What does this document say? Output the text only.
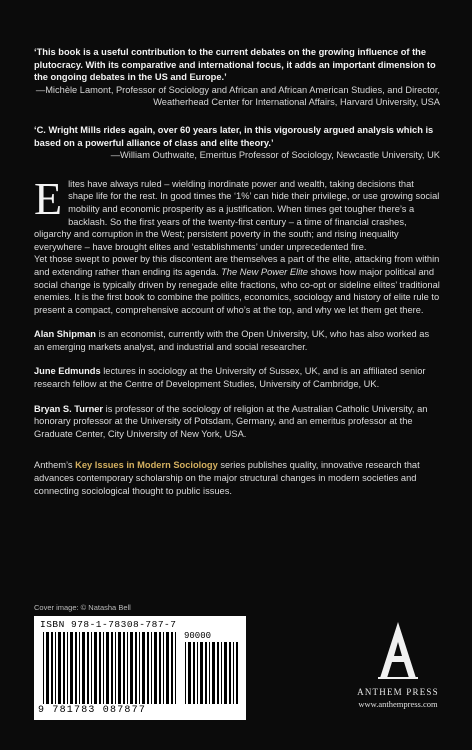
‘This book is a useful contribution to the current debates on the growing influence of the plutocracy. With its comparative and international focus, it adds an important dimension to the ongoing debates in the US and Europe.’
—Michèle Lamont, Professor of Sociology and African and African American Studies, and Director, Weatherhead Center for International Affairs, Harvard University, USA
‘C. Wright Mills rides again, over 60 years later, in this vigorously argued analysis which is based on a powerful alliance of class and elite theory.’
—William Outhwaite, Emeritus Professor of Sociology, Newcastle University, UK
E lites have always ruled – wielding inordinate power and wealth, taking decisions that shape life for the rest. In good times the ‘1%’ can hide their privilege, or use growing social mobility and economic prosperity as a justification. When times get tougher there’s a backlash. So the first years of the twenty-first century – a time of financial crashes, oligarchy and corruption in the West; persistent poverty in the south; and rising inequality everywhere – have brought elites and ‘establishments’ under unprecedented fire.

Yet those swept to power by this discontent are themselves a part of the elite, attacking from within and extending rather than ending its agenda. The New Power Elite shows how major political and social change is typically driven by renegade elite fractions, who co-opt or sideline elites’ traditional enemies. It is the first book to combine the politics, economics, sociology and history of elite rule to present a compact, comprehensive account of who’s at the top, and why we let them get there.

Alan Shipman is an economist, currently with the Open University, UK, who has also worked as an emerging markets analyst, and industrial and social researcher.
June Edmunds lectures in sociology at the University of Sussex, UK, and is an affiliated senior research fellow at the Centre of Development Studies, University of Cambridge, UK.
Bryan S. Turner is professor of the sociology of religion at the Australian Catholic University, an honorary professor at the University of Potsdam, Germany, and an emeritus professor at the Graduate Center, City University of New York, USA.
Anthem’s Key Issues in Modern Sociology series publishes quality, innovative research that advances contemporary scholarship on the major structural changes in modern societies and connecting sociological thought to public issues.
Cover image: © Natasha Bell
ISBN 978-1-78308-787-7
90000
9 781783 087877
ANTHEM PRESS
www.anthempress.com
